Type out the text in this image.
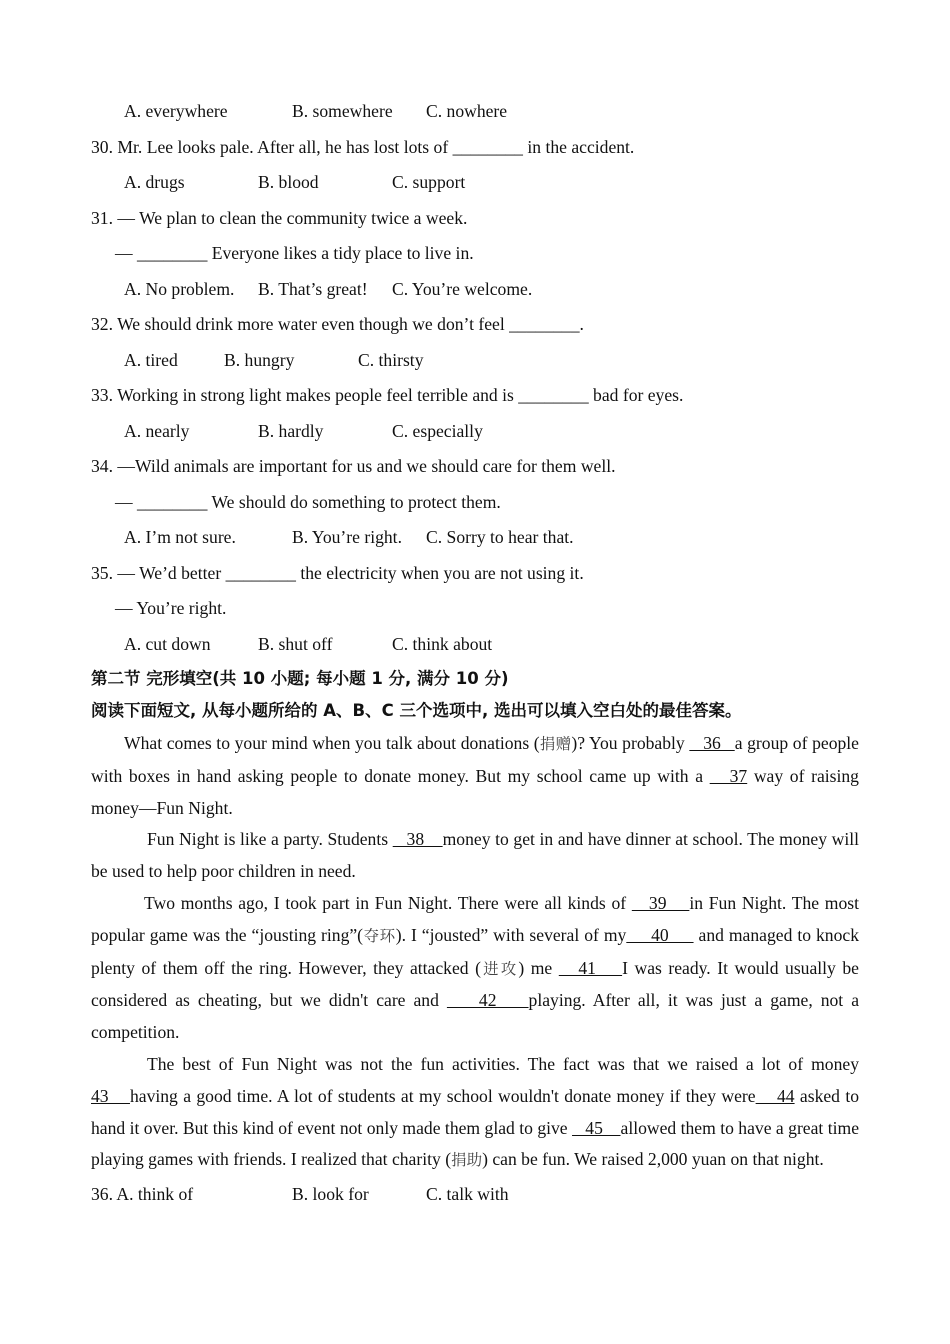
A. everywhere	B. somewhere C. nowhere
30. Mr. Lee looks pale. After all, he has lost lots of ________ in the accident.
A. drugs	B. blood	C. support
31. — We plan to clean the community twice a week.
— ________ Everyone likes a tidy place to live in.
A. No problem. B. That’s great! C. You’re welcome.
32. We should drink more water even though we don’t feel ________.
A. tired	B. hungry	C. thirsty
33. Working in strong light makes people feel terrible and is ________ bad for eyes.
A. nearly	B. hardly	C. especially
34. —Wild animals are important for us and we should care for them well.
— ________ We should do something to protect them.
A. I’m not sure.	B. You’re right. C. Sorry to hear that.
35. — We’d better ________ the electricity when you are not using it.
— You’re right.
A. cut down	B. shut off	C. think about
第二节 完形填空(共 10 小题; 每小题 1 分, 满分 10 分)
阅读下面短文, 从每小题所给的 A、B、C 三个选项中, 选出可以填入空白处的最佳答案。

What comes to your mind when you talk about donations (捐赠)? You probably    36   a group of people with boxes in hand asking people to donate money. But my school came up with a    37 way of raising money—Fun Night.

Fun Night is like a party. Students    38    money to get in and have dinner at school. The money will be used to help poor children in need.

Two months ago, I took part in Fun Night. There were all kinds of    39    in Fun Night. The most popular game was the “jousting ring”(夺环). I “jousted” with several of my     40      and managed to knock plenty of them off the ring. However, they attacked (进攻) me    41    I was ready. It would usually be considered as cheating, but we didn't care and     42    playing. After all, it was just a game, not a competition.

The best of Fun Night was not the fun activities. The fact was that we raised a lot of money 43    having a good time. A lot of students at my school wouldn't donate money if they were    44 asked to hand it over. But this kind of event not only made them glad to give    45    allowed them to have a great time playing games with friends. I realized that charity (捐助) can be fun. We raised 2,000 yuan on that night.

36. A. think of	B. look for	C. talk with
